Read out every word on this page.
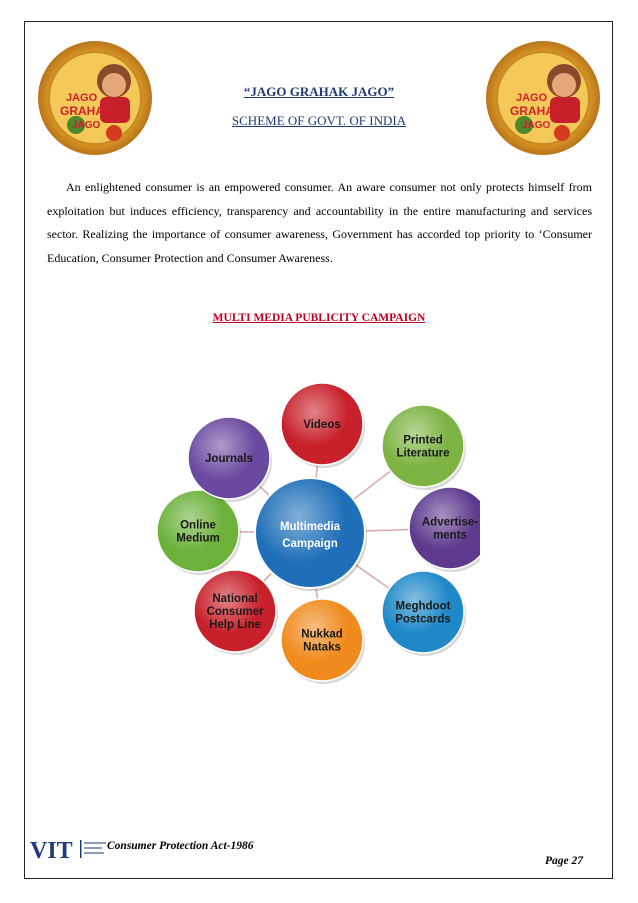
JAGO
GRAHAK
JAGO
JAGO
GRAHAK
JAGO
“JAGO GRAHAK JAGO”
SCHEME OF GOVT. OF INDIA

An enlightened consumer is an empowered consumer. An aware consumer not only protects himself from exploitation but induces efficiency, transparency and accountability in the entire manufacturing and services sector. Realizing the importance of consumer awareness, Government has accorded top priority to ‘Consumer Education, Consumer Protection and Consumer Awareness.

MULTI MEDIA PUBLICITY CAMPAIGN
Videos
Printed
Literature
Advertise-
ments
Meghdoot
Postcards
Nukkad
Nataks
National
Consumer
Help Line
Online
Medium
Journals
Multimedia
Campaign
VIT	Consumer Protection Act-1986
Page 27
